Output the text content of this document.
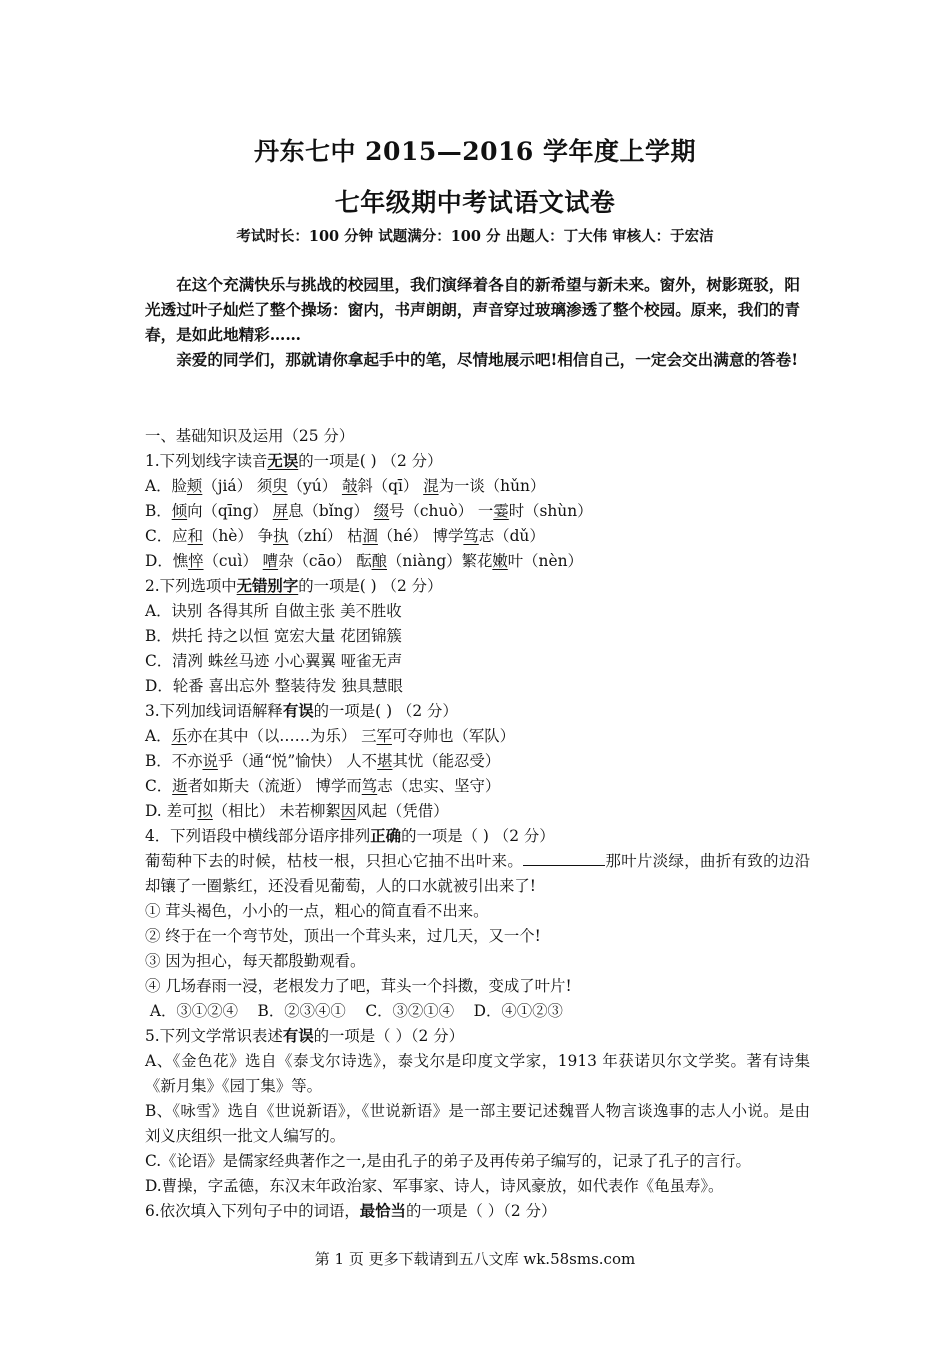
丹东七中 2015—2016 学年度上学期
七年级期中考试语文试卷
考试时长：100 分钟 试题满分：100 分 出题人：丁大伟 审核人：于宏洁

在这个充满快乐与挑战的校园里，我们演绎着各自的新希望与新未来。窗外，树影斑驳，阳光透过叶子灿烂了整个操场：窗内，书声朗朗，声音穿过玻璃渗透了整个校园。原来，我们的青春，是如此地精彩……

亲爱的同学们，那就请你拿起手中的笔，尽情地展示吧!相信自己，一定会交出满意的答卷!

一、基础知识及运用（25 分）
1.下列划线字读音无误的一项是( ) （2 分）
A．脸颊（jiá） 须臾（yú） 攲斜（qī） 混为一谈（hǔn）
B．倾向（qīng） 屏息（bǐng） 缀号（chuò） 一霎时（shùn）
C．应和（hè） 争执（zhí） 枯涸（hé） 博学笃志（dǔ）
D．憔悴（cuì） 嘈杂（cāo） 酝酿（niàng）繁花嫩叶（nèn）
2.下列选项中无错别字的一项是( ) （2 分）
A．诀别 各得其所 自做主张 美不胜收
B．烘托 持之以恒 宽宏大量 花团锦簇
C．清冽 蛛丝马迹 小心翼翼 哑雀无声
D．轮番 喜出忘外 整装待发 独具慧眼
3.下列加线词语解释有误的一项是( ) （2 分）
A．乐亦在其中（以……为乐） 三军可夺帅也（军队）
B．不亦说乎（通“悦”愉快） 人不堪其忧（能忍受）
C．逝者如斯夫（流逝） 博学而笃志（忠实、坚守）
D. 差可拟（相比） 未若柳絮因风起（凭借）
4．下列语段中横线部分语序排列正确的一项是（ ) （2 分）
葡萄种下去的时候，枯枝一根，只担心它抽不出叶来。	那叶片淡绿，曲折有致的边沿却镶了一圈紫红，还没看见葡萄，人的口水就被引出来了!
① 茸头褐色，小小的一点，粗心的简直看不出来。
② 终于在一个弯节处，顶出一个茸头来，过几天，又一个!
③ 因为担心，每天都殷勤观看。
④ 几场春雨一浸，老根发力了吧，茸头一个抖擞，变成了叶片!
A．③①②④    B．②③④①    C．③②①④    D．④①②③
5.下列文学常识表述有误的一项是（ ）（2 分）
A、《金色花》选自《泰戈尔诗选》，泰戈尔是印度文学家，1913 年获诺贝尔文学奖。著有诗集《新月集》《园丁集》等。
B、《咏雪》选自《世说新语》，《世说新语》是一部主要记述魏晋人物言谈逸事的志人小说。是由刘义庆组织一批文人编写的。
C.《论语》是儒家经典著作之一,是由孔子的弟子及再传弟子编写的，记录了孔子的言行。
D.曹操，字孟德，东汉末年政治家、军事家、诗人，诗风豪放，如代表作《龟虽寿》。
6.依次填入下列句子中的词语，最恰当的一项是（ ）（2 分）
第 1 页 更多下载请到五八文库 wk.58sms.com
